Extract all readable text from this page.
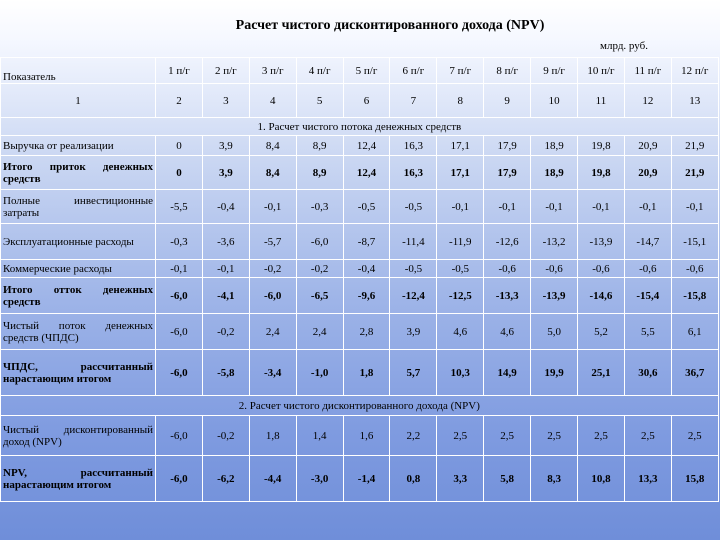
Расчет чистого дисконтированного дохода (NPV)
млрд. руб.
Показатель	1 п/г	2 п/г	3 п/г	4 п/г	5 п/г	6 п/г	7 п/г	8 п/г	9 п/г	10 п/г	11 п/г	12 п/г
1	2	3	4	5	6	7	8	9	10	11	12	13
1. Расчет чистого потока денежных средств												
Выручка от реализации	0	3,9	8,4	8,9	12,4	16,3	17,1	17,9	18,9	19,8	20,9	21,9
Итого приток денежных средств	0	3,9	8,4	8,9	12,4	16,3	17,1	17,9	18,9	19,8	20,9	21,9
Полные инвестиционные затраты	-5,5	-0,4	-0,1	-0,3	-0,5	-0,5	-0,1	-0,1	-0,1	-0,1	-0,1	-0,1
Эксплуатационные расходы	-0,3	-3,6	-5,7	-6,0	-8,7	-11,4	-11,9	-12,6	-13,2	-13,9	-14,7	-15,1
Коммерческие расходы	-0,1	-0,1	-0,2	-0,2	-0,4	-0,5	-0,5	-0,6	-0,6	-0,6	-0,6	-0,6
Итого отток денежных средств	-6,0	-4,1	-6,0	-6,5	-9,6	-12,4	-12,5	-13,3	-13,9	-14,6	-15,4	-15,8
Чистый поток денежных средств (ЧПДС)	-6,0	-0,2	2,4	2,4	2,8	3,9	4,6	4,6	5,0	5,2	5,5	6,1
ЧПДС, рассчитанный нарастающим итогом	-6,0	-5,8	-3,4	-1,0	1,8	5,7	10,3	14,9	19,9	25,1	30,6	36,7
2. Расчет чистого дисконтированного дохода (NPV)												
Чистый дисконтированный доход (NPV)	-6,0	-0,2	1,8	1,4	1,6	2,2	2,5	2,5	2,5	2,5	2,5	2,5
NPV, рассчитанный нарастающим итогом	-6,0	-6,2	-4,4	-3,0	-1,4	0,8	3,3	5,8	8,3	10,8	13,3	15,8
